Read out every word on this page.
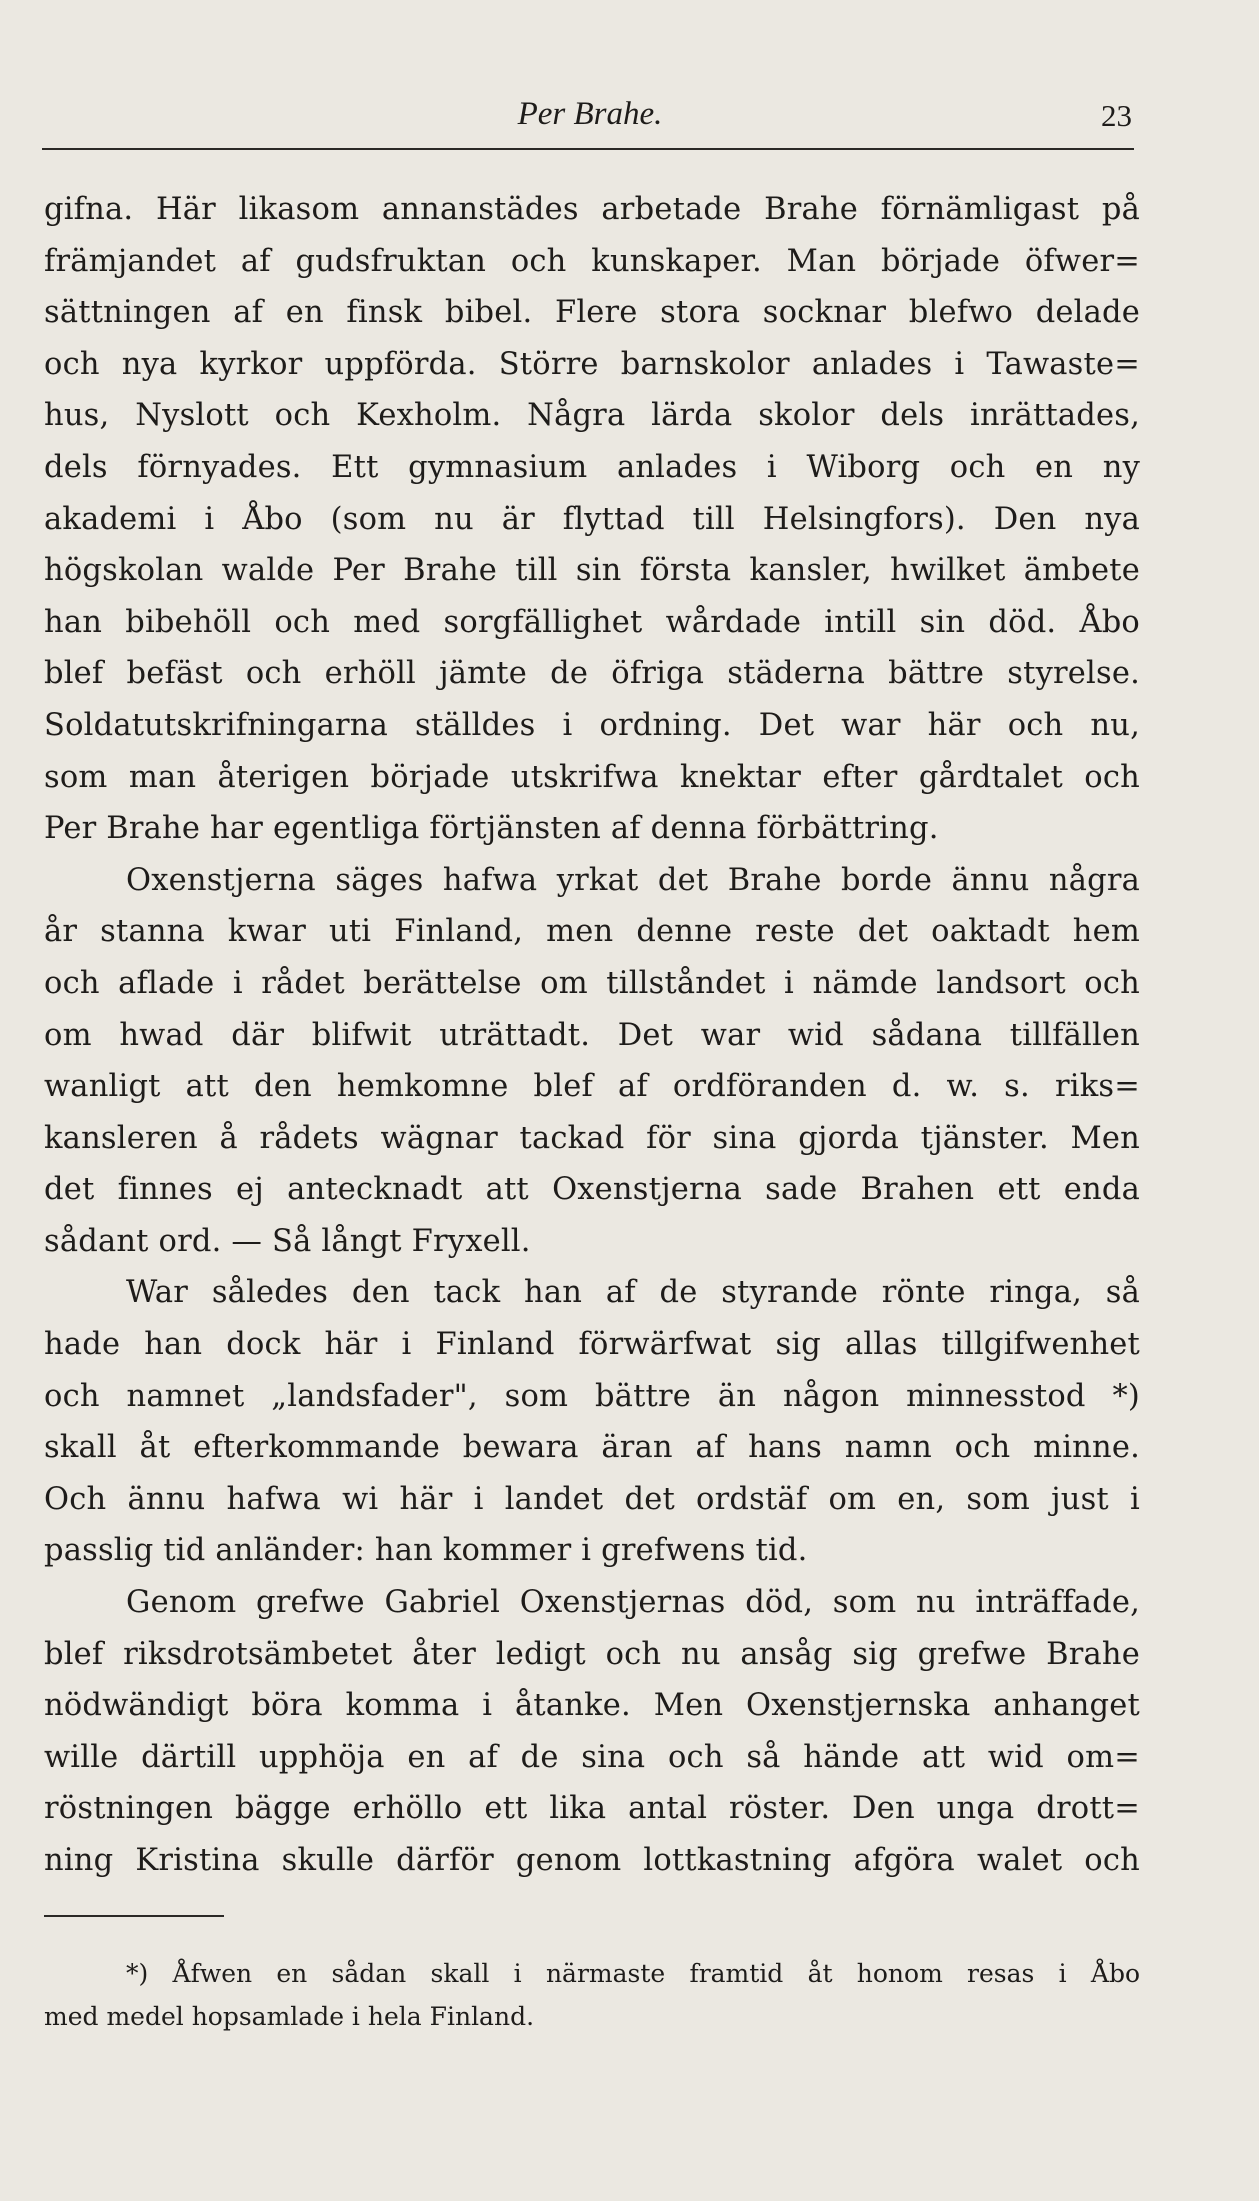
Per Brahe.	23
gifna. Här likasom annanstädes arbetade Brahe förnämligast på
främjandet af gudsfruktan och kunskaper. Man började öfwer=
sättningen af en finsk bibel. Flere stora socknar blefwo delade
och nya kyrkor uppförda. Större barnskolor anlades i Tawaste=
hus, Nyslott och Kexholm. Några lärda skolor dels inrättades,
dels förnyades. Ett gymnasium anlades i Wiborg och en ny
akademi i Åbo (som nu är flyttad till Helsingfors). Den nya
högskolan walde Per Brahe till sin första kansler, hwilket ämbete
han bibehöll och med sorgfällighet wårdade intill sin död. Åbo
blef befäst och erhöll jämte de öfriga städerna bättre styrelse.
Soldatutskrifningarna ställdes i ordning. Det war här och nu,
som man återigen började utskrifwa knektar efter gårdtalet och
Per Brahe har egentliga förtjänsten af denna förbättring.
Oxenstjerna säges hafwa yrkat det Brahe borde ännu några
år stanna kwar uti Finland, men denne reste det oaktadt hem
och aflade i rådet berättelse om tillståndet i nämde landsort och
om hwad där blifwit uträttadt. Det war wid sådana tillfällen
wanligt att den hemkomne blef af ordföranden d. w. s. riks=
kansleren å rådets wägnar tackad för sina gjorda tjänster. Men
det finnes ej antecknadt att Oxenstjerna sade Brahen ett enda
sådant ord. — Så långt Fryxell.
War således den tack han af de styrande rönte ringa, så
hade han dock här i Finland förwärfwat sig allas tillgifwenhet
och namnet „landsfader", som bättre än någon minnesstod *)
skall åt efterkommande bewara äran af hans namn och minne.
Och ännu hafwa wi här i landet det ordstäf om en, som just i
passlig tid anländer: han kommer i grefwens tid.
Genom grefwe Gabriel Oxenstjernas död, som nu inträffade,
blef riksdrotsämbetet åter ledigt och nu ansåg sig grefwe Brahe
nödwändigt böra komma i åtanke. Men Oxenstjernska anhanget
wille därtill upphöja en af de sina och så hände att wid om=
röstningen bägge erhöllo ett lika antal röster. Den unga drott=
ning Kristina skulle därför genom lottkastning afgöra walet och
*) Åfwen en sådan skall i närmaste framtid åt honom resas i Åbo
med medel hopsamlade i hela Finland.
